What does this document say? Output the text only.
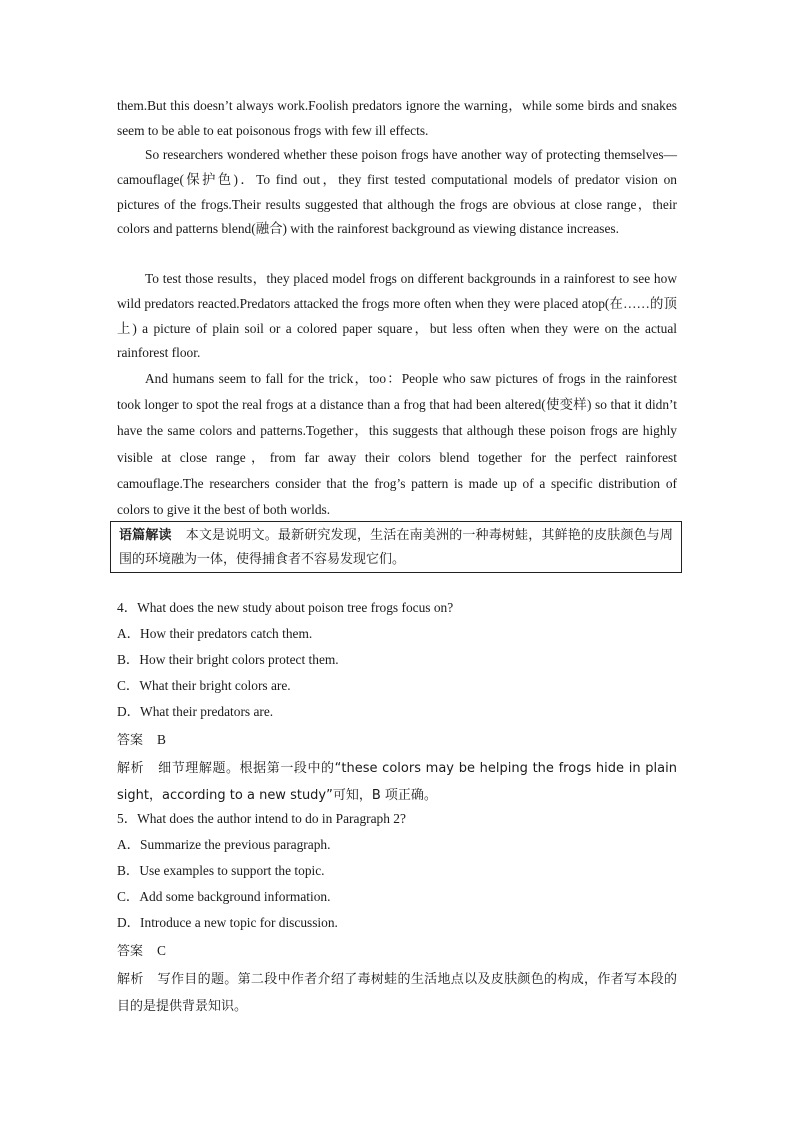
them.But this doesn’t always work.Foolish predators ignore the warning，while some birds and snakes seem to be able to eat poisonous frogs with few ill effects.
So researchers wondered whether these poison frogs have another way of protecting themselves—camouflage(保护色)．To find out，they first tested computational models of predator vision on pictures of the frogs.Their results suggested that although the frogs are obvious at close range，their colors and patterns blend(融合) with the rainforest background as viewing distance increases.
To test those results，they placed model frogs on different backgrounds in a rainforest to see how wild predators reacted.Predators attacked the frogs more often when they were placed atop(在……的顶上) a picture of plain soil or a colored paper square，but less often when they were on the actual rainforest floor.
And humans seem to fall for the trick，too：People who saw pictures of frogs in the rainforest took longer to spot the real frogs at a distance than a frog that had been altered(使变样) so that it didn’t have the same colors and patterns.Together，this suggests that although these poison frogs are highly visible at close range，from far away their colors blend together for the perfect rainforest camouflage.The researchers consider that the frog’s pattern is made up of a specific distribution of colors to give it the best of both worlds.
语篇解读 本文是说明文。最新研究发现，生活在南美洲的一种毒树蛙，其鲜艳的皮肤颜色与周围的环境融为一体，使得捕食者不容易发现它们。
4．What does the new study about poison tree frogs focus on?
A．How their predators catch them.
B．How their bright colors protect them.
C．What their bright colors are.
D．What their predators are.
答案 B
解析 细节理解题。根据第一段中的“these colors may be helping the frogs hide in plain sight，according to a new study”可知，B 项正确。
5．What does the author intend to do in Paragraph 2?
A．Summarize the previous paragraph.
B．Use examples to support the topic.
C．Add some background information.
D．Introduce a new topic for discussion.
答案 C
解析 写作目的题。第二段中作者介绍了毒树蛙的生活地点以及皮肤颜色的构成，作者写本段的目的是提供背景知识。
